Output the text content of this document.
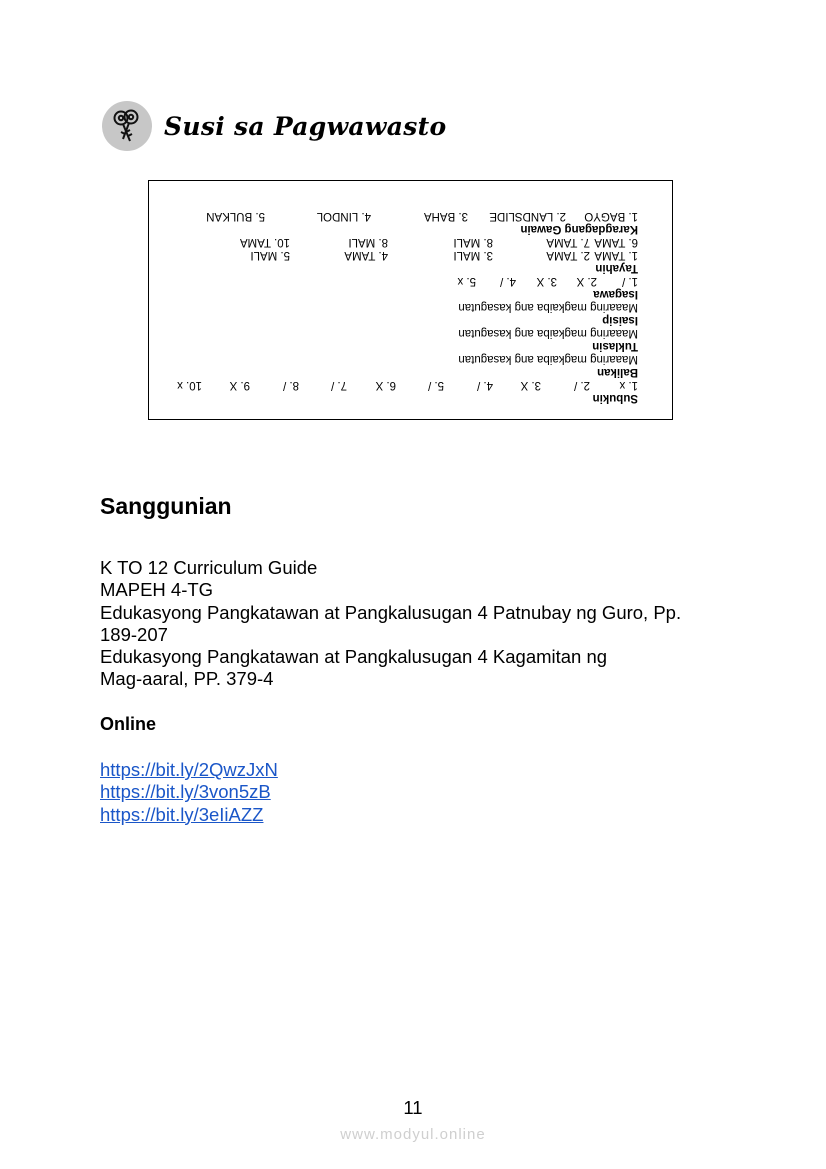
Susi sa Pagwawasto
Subukin
1. x
2. /
3. X
4. /
5. /
6. X
7. /
8. /
9. X
10. x
Balikan
Maaaring magkaiba ang kasagutan
Tuklasin
Maaaring magkaiba ang kasagutan
Isaisip
Maaaring magkaiba ang kasagutan
Isagawa
1. /
2. X
3. X
4. /
5. x
Tayahin
1. TAMA
2. TAMA
3. MALI
4. TAMA
5. MALI
6. TAMA
7. TAMA
8. MALI
8. MALI
10. TAMA
Karagdagang Gawain
1. BAGYO
2. LANDSLIDE
3. BAHA
4. LINDOL
5. BULKAN
Sanggunian
K TO 12 Curriculum Guide
MAPEH 4-TG
Edukasyong Pangkatawan at Pangkalusugan 4 Patnubay ng Guro, Pp.
189-207
Edukasyong Pangkatawan at Pangkalusugan 4 Kagamitan ng
Mag-aaral, PP. 379-4
Online
https://bit.ly/2QwzJxN
https://bit.ly/3von5zB
https://bit.ly/3eIiAZZ
11
www.modyul.online
